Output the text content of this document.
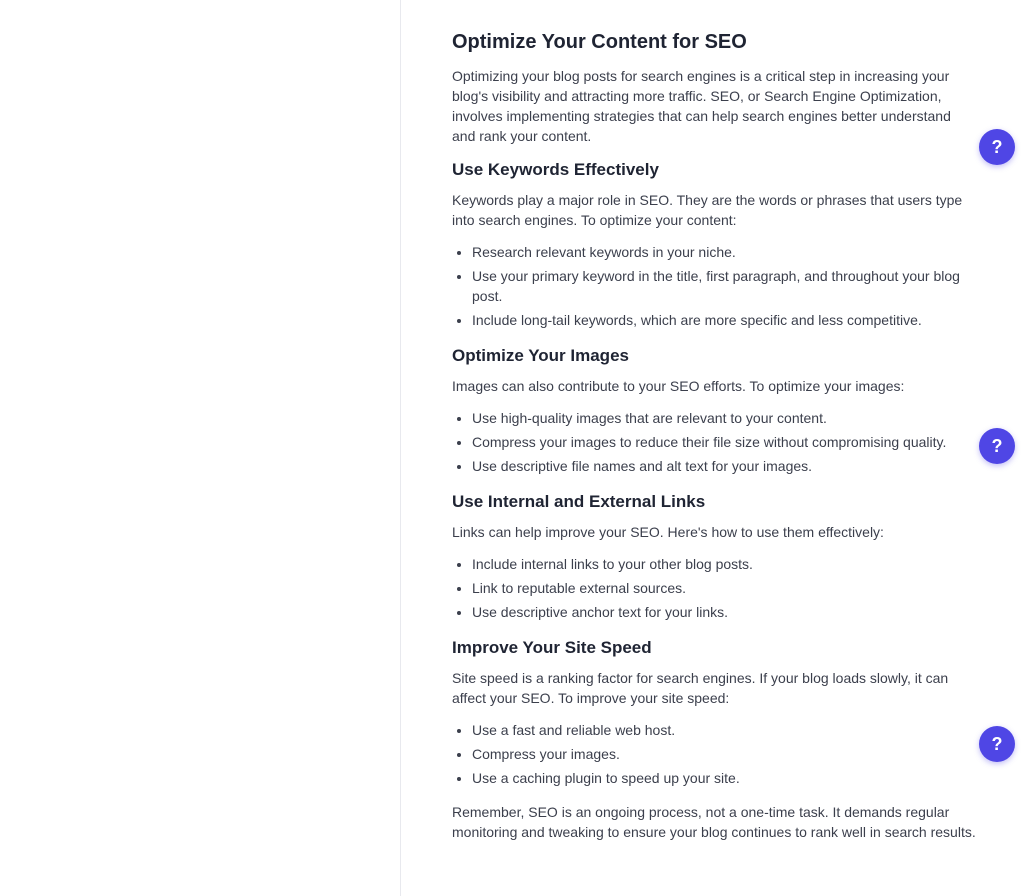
Optimize Your Content for SEO

Optimizing your blog posts for search engines is a critical step in increasing your blog's visibility and attracting more traffic. SEO, or Search Engine Optimization, involves implementing strategies that can help search engines better understand and rank your content.

Use Keywords Effectively

Keywords play a major role in SEO. They are the words or phrases that users type into search engines. To optimize your content:

• Research relevant keywords in your niche.
• Use your primary keyword in the title, first paragraph, and throughout your blog post.
• Include long-tail keywords, which are more specific and less competitive.
Optimize Your Images

Images can also contribute to your SEO efforts. To optimize your images:

• Use high-quality images that are relevant to your content.
• Compress your images to reduce their file size without compromising quality.
• Use descriptive file names and alt text for your images.
Use Internal and External Links

Links can help improve your SEO. Here's how to use them effectively:

• Include internal links to your other blog posts.
• Link to reputable external sources.
• Use descriptive anchor text for your links.
Improve Your Site Speed

Site speed is a ranking factor for search engines. If your blog loads slowly, it can affect your SEO. To improve your site speed:

• Use a fast and reliable web host.
• Compress your images.
• Use a caching plugin to speed up your site.

Remember, SEO is an ongoing process, not a one-time task. It demands regular monitoring and tweaking to ensure your blog continues to rank well in search results.

?
?
?
